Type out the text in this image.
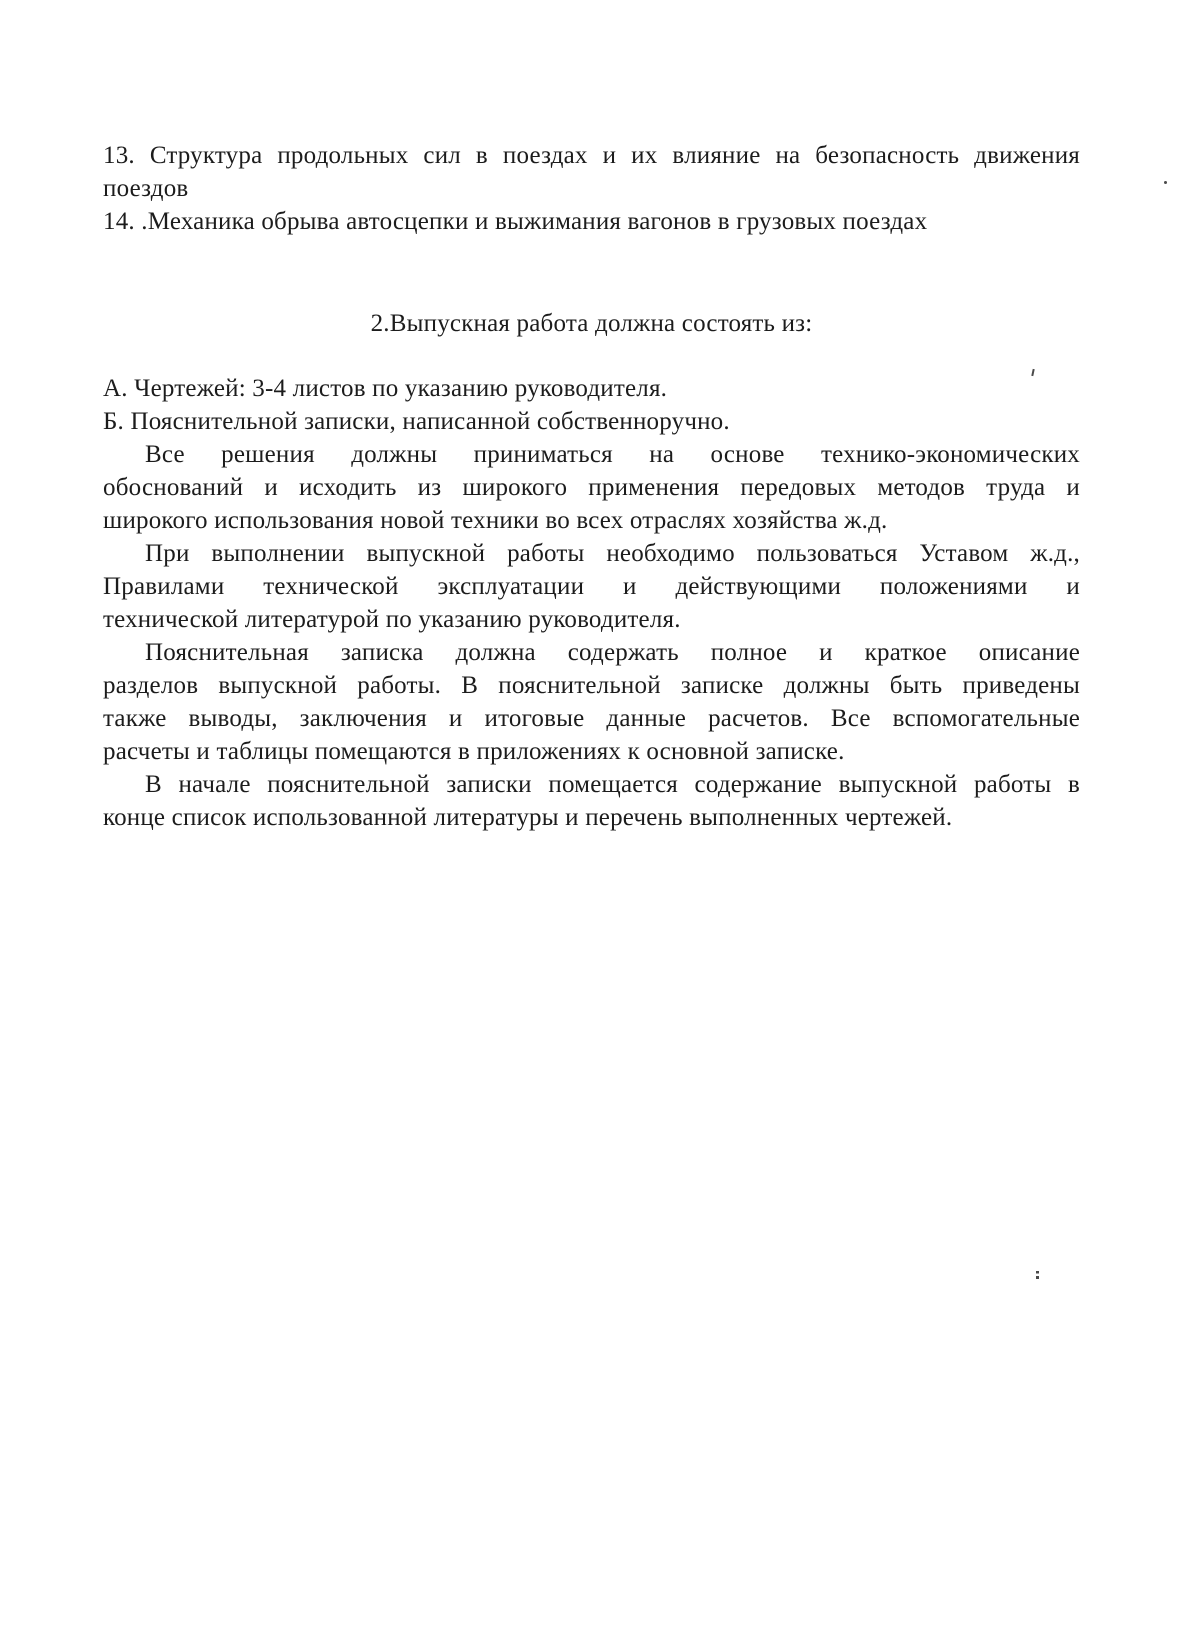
13. Структура продольных сил в поездах и их влияние на безопасность движения
поездов
14. .Механика обрыва автосцепки и выжимания вагонов в грузовых поездах
2.Выпускная работа должна состоять из:
А. Чертежей: 3-4 листов по указанию руководителя.
Б. Пояснительной записки, написанной собственноручно.
Все решения должны приниматься на основе технико-экономических
обоснований и исходить из широкого применения передовых методов труда и
широкого использования новой техники во всех отраслях хозяйства ж.д.
При выполнении выпускной работы необходимо пользоваться Уставом ж.д.,
Правилами технической эксплуатации и действующими положениями и
технической литературой по указанию руководителя.
Пояснительная записка должна содержать полное и краткое описание
разделов выпускной работы. В пояснительной записке должны быть приведены
также выводы, заключения и итоговые данные расчетов. Все вспомогательные
расчеты и таблицы помещаются в приложениях к основной записке.
В начале пояснительной записки помещается содержание выпускной работы в
конце список использованной литературы и перечень выполненных чертежей.
